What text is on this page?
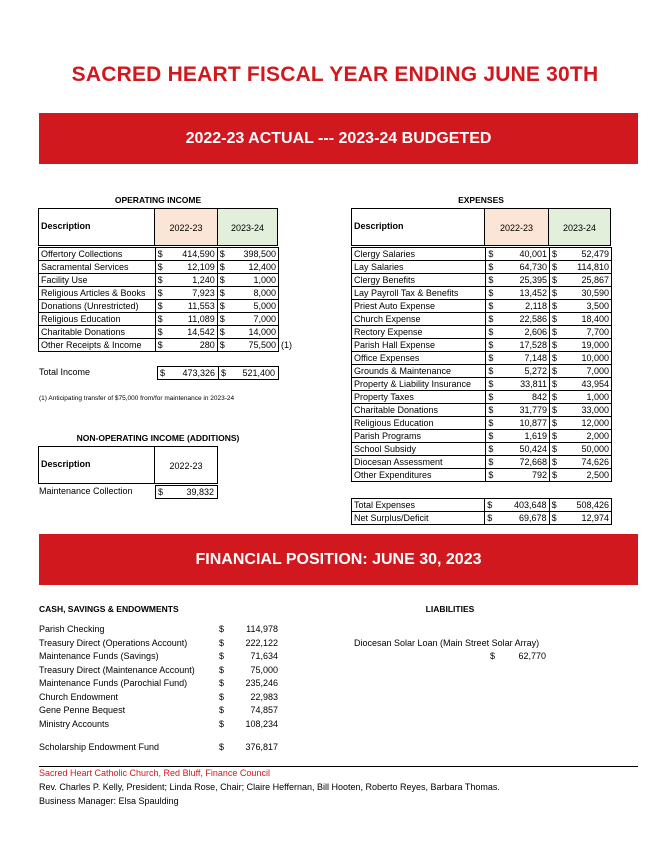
SACRED HEART FISCAL YEAR ENDING JUNE 30TH
2022-23 ACTUAL --- 2023-24 BUDGETED
OPERATING INCOME
Description	2022-23	2023-24
Offertory Collections	$	414,590	$	398,500
Sacramental Services	$	12,109	$	12,400
Facility Use	$	1,240	$	1,000
Religious Articles & Books	$	7,923	$	8,000
Donations (Unrestricted)	$	11,553	$	5,000
Religious Education	$	11,089	$	7,000
Charitable Donations	$	14,542	$	14,000
Other Receipts & Income	$	280	$	75,500 (1)
Total Income	$	473,326 $	521,400
(1) Anticipating transfer of $75,000 from/for maintenance in 2023-24
NON-OPERATING INCOME (ADDITIONS)
Description	2022-23
Maintenance Collection	$	39,832
EXPENSES
Description	2022-23	2023-24
Clergy Salaries	$	40,001	$	52,479
Lay Salaries	$	64,730	$	114,810
Clergy Benefits	$	25,395	$	25,867
Lay Payroll Tax & Benefits	$	13,452	$	30,590
Priest Auto Expense	$	2,118	$	3,500
Church Expense	$	22,586	$	18,400
Rectory Expense	$	2,606	$	7,700
Parish Hall Expense	$	17,528	$	19,000
Office Expenses	$	7,148	$	10,000
Grounds & Maintenance	$	5,272	$	7,000
Property & Liability Insurance	$	33,811	$	43,954
Property Taxes	$	842	$	1,000
Charitable Donations	$	31,779	$	33,000
Religious Education	$	10,877	$	12,000
Parish Programs	$	1,619	$	2,000
School Subsidy	$	50,424	$	50,000
Diocesan Assessment	$	72,668	$	74,626
Other Expenditures	$	792	$	2,500
Total Expenses	$	403,648	$	508,426
Net Surplus/Deficit	$	69,678	$	12,974
FINANCIAL POSITION: JUNE 30, 2023
CASH, SAVINGS & ENDOWMENTS
Parish Checking	$	114,978
Treasury Direct (Operations Account)	$	222,122
Maintenance Funds (Savings)	$	71,634
Treasury Direct (Maintenance Account)	$	75,000
Maintenance Funds (Parochial Fund)	$	235,246
Church Endowment	$	22,983
Gene Penne Bequest	$	74,857
Ministry Accounts	$	108,234
Scholarship Endowment Fund	$	376,817
LIABILITIES
Diocesan Solar Loan (Main Street Solar Array)
$	62,770
Sacred Heart Catholic Church, Red Bluff, Finance Council
Rev. Charles P. Kelly, President; Linda Rose, Chair; Claire Heffernan, Bill Hooten, Roberto Reyes, Barbara Thomas.
Business Manager: Elsa Spaulding
